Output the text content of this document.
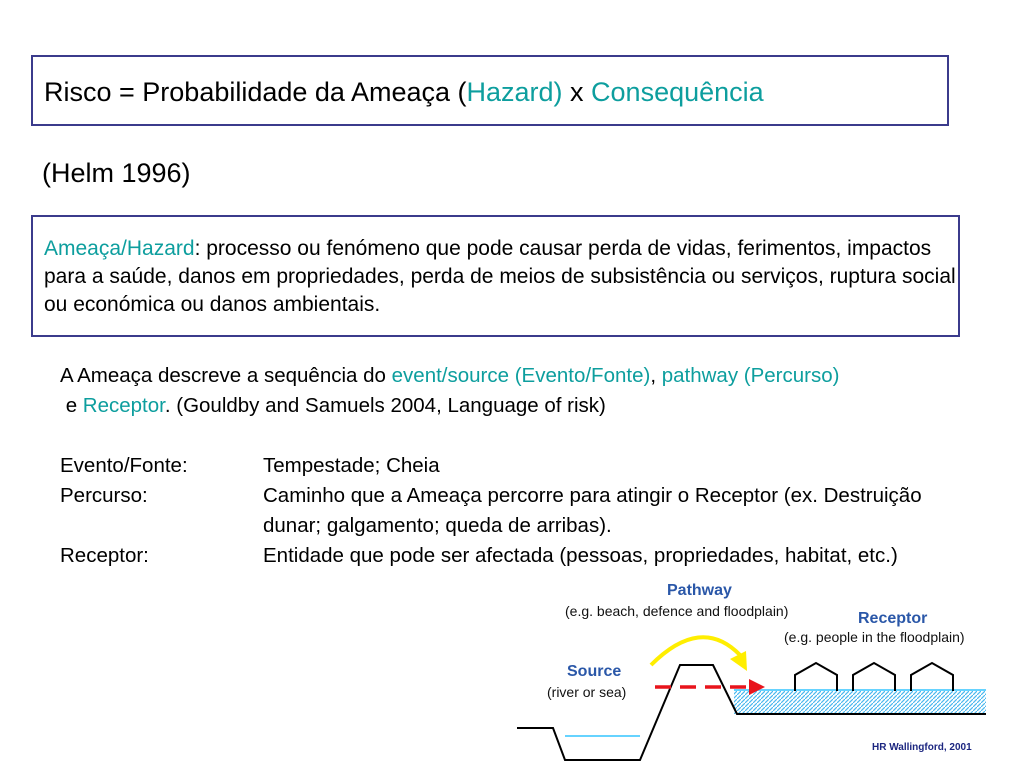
Risco = Probabilidade da Ameaça (Hazard) x Consequência
(Helm 1996)
Ameaça/Hazard: processo ou fenómeno que pode causar perda de vidas, ferimentos, impactos para a saúde, danos em propriedades, perda de meios de subsistência ou serviços, ruptura social ou económica ou danos ambientais.
A Ameaça descreve a sequência do event/source (Evento/Fonte), pathway (Percurso) e Receptor. (Gouldby and Samuels 2004, Language of risk)
Evento/Fonte:	Tempestade; Cheia
Percurso:	Caminho que a Ameaça percorre para atingir o Receptor (ex. Destruição dunar; galgamento; queda de arribas).
Receptor:	Entidade que pode ser afectada (pessoas, propriedades, habitat, etc.)
Pathway
(e.g. beach, defence and floodplain)	Receptor
(e.g. people in the floodplain)
Source
(river or sea)
HR Wallingford, 2001
